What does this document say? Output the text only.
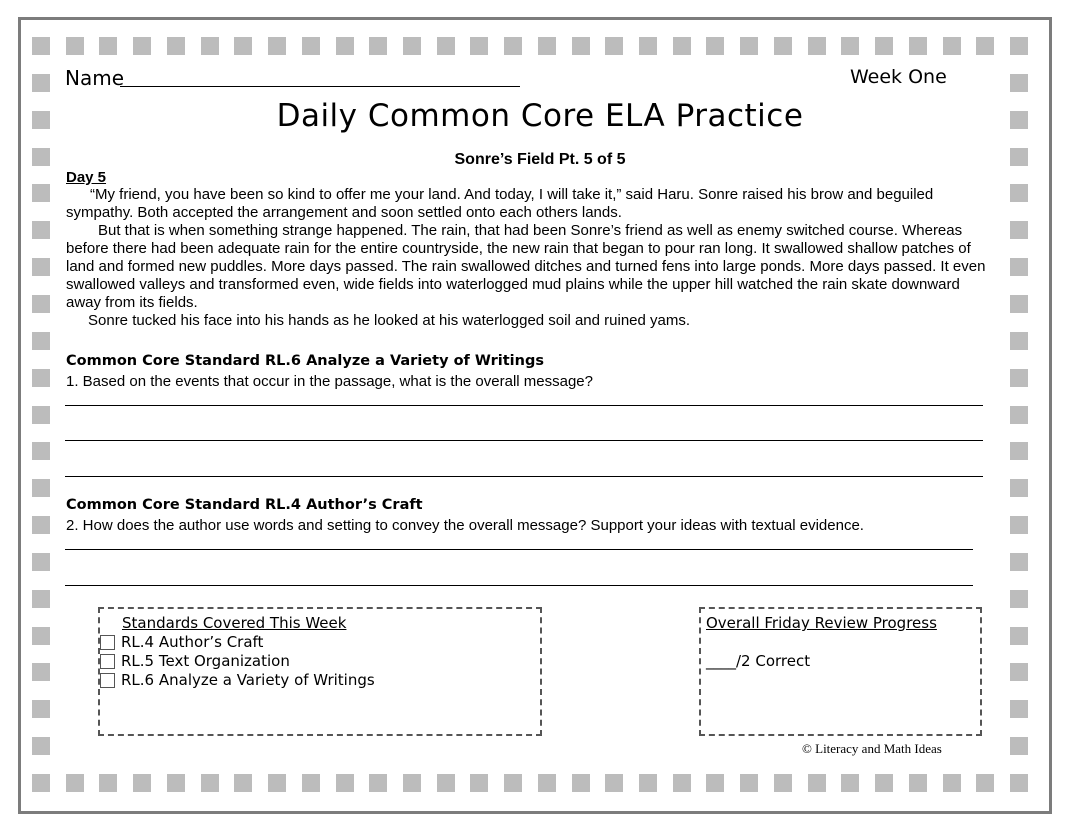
Name	Week One
Daily Common Core ELA Practice
Sonre’s Field Pt. 5 of 5
Day 5

“My friend, you have been so kind to offer me your land. And today, I will take it,” said Haru. Sonre raised his brow and beguiled sympathy. Both accepted the arrangement and soon settled onto each others lands.

But that is when something strange happened. The rain, that had been Sonre’s friend as well as enemy switched course. Whereas before there had been adequate rain for the entire countryside, the new rain that began to pour ran long. It swallowed shallow patches of land and formed new puddles. More days passed. The rain swallowed ditches and turned fens into large ponds. More days passed. It even swallowed valleys and transformed even, wide fields into waterlogged mud plains while the upper hill watched the rain skate downward away from its fields.

Sonre tucked his face into his hands as he looked at his waterlogged soil and ruined yams.

Common Core Standard RL.6 Analyze a Variety of Writings
1. Based on the events that occur in the passage, what is the overall message?
Common Core Standard RL.4 Author’s Craft
2. How does the author use words and setting to convey the overall message? Support your ideas with textual evidence.
Standards Covered This Week
RL.4 Author’s Craft
RL.5 Text Organization
RL.6 Analyze a Variety of Writings
Overall Friday Review Progress
____/2 Correct
© Literacy and Math Ideas
